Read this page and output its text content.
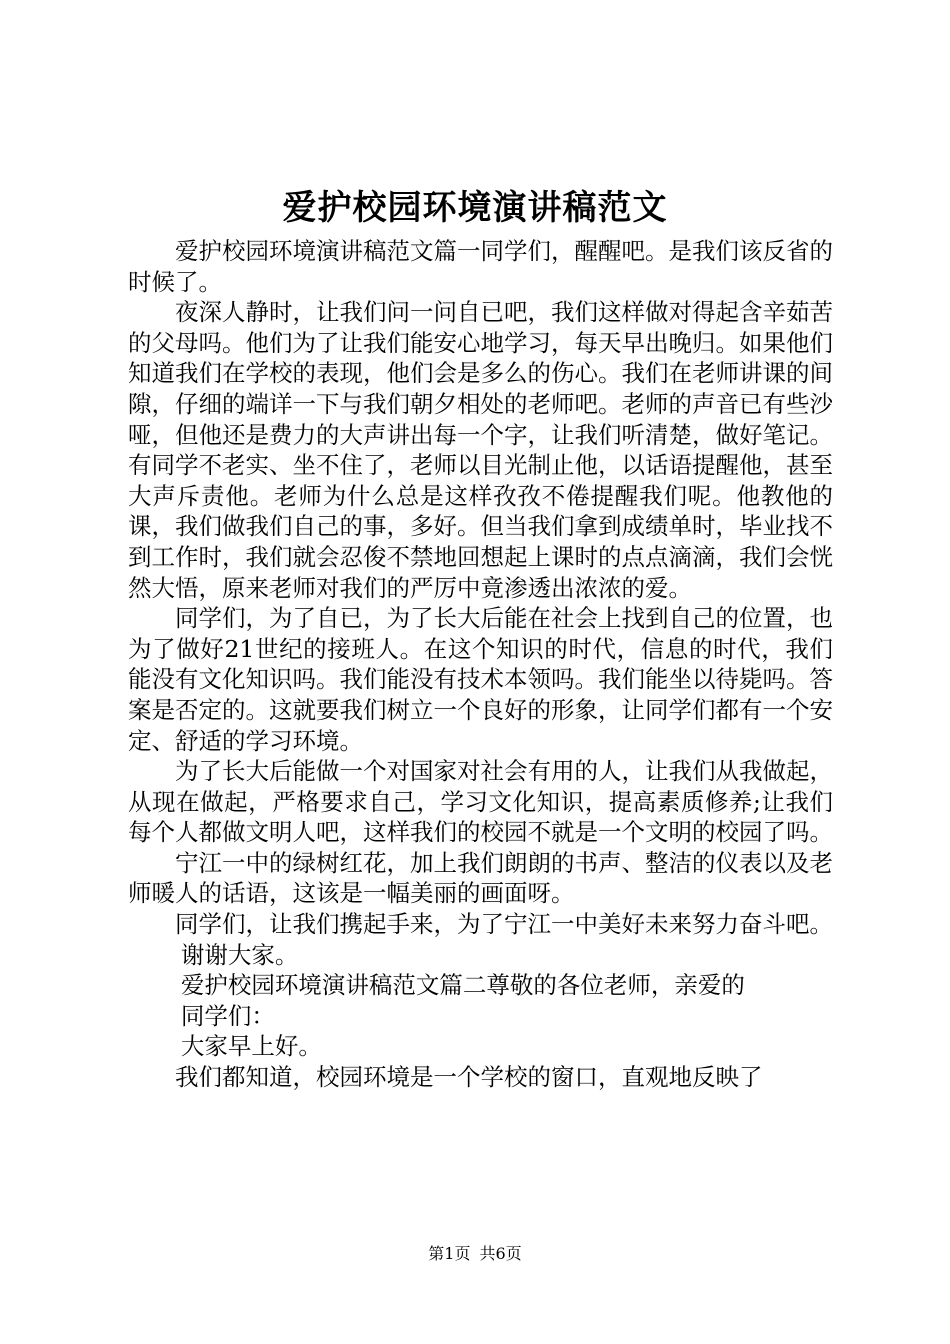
爱护校园环境演讲稿范文

爱护校园环境演讲稿范文篇一同学们，醒醒吧。是我们该反省的时候了。

夜深人静时，让我们问一问自已吧，我们这样做对得起含辛茹苦的父母吗。他们为了让我们能安心地学习，每天早出晚归。如果他们知道我们在学校的表现，他们会是多么的伤心。我们在老师讲课的间隙，仔细的端详一下与我们朝夕相处的老师吧。老师的声音已有些沙哑，但他还是费力的大声讲出每一个字，让我们听清楚，做好笔记。有同学不老实、坐不住了，老师以目光制止他，以话语提醒他，甚至大声斥责他。老师为什么总是这样孜孜不倦提醒我们呢。他教他的课，我们做我们自己的事，多好。但当我们拿到成绩单时，毕业找不到工作时，我们就会忍俊不禁地回想起上课时的点点滴滴，我们会恍然大悟，原来老师对我们的严厉中竟渗透出浓浓的爱。

同学们，为了自已，为了长大后能在社会上找到自己的位置，也为了做好21世纪的接班人。在这个知识的时代，信息的时代，我们能没有文化知识吗。我们能没有技术本领吗。我们能坐以待毙吗。答案是否定的。这就要我们树立一个良好的形象，让同学们都有一个安定、舒适的学习环境。

为了长大后能做一个对国家对社会有用的人，让我们从我做起，从现在做起，严格要求自己，学习文化知识，提高素质修养;让我们每个人都做文明人吧，这样我们的校园不就是一个文明的校园了吗。

宁江一中的绿树红花，加上我们朗朗的书声、整洁的仪表以及老师暖人的话语，这该是一幅美丽的画面呀。

同学们，让我们携起手来，为了宁江一中美好未来努力奋斗吧。

谢谢大家。

爱护校园环境演讲稿范文篇二尊敬的各位老师，亲爱的

同学们：

大家早上好。

我们都知道，校园环境是一个学校的窗口，直观地反映了

第1页 共6页
